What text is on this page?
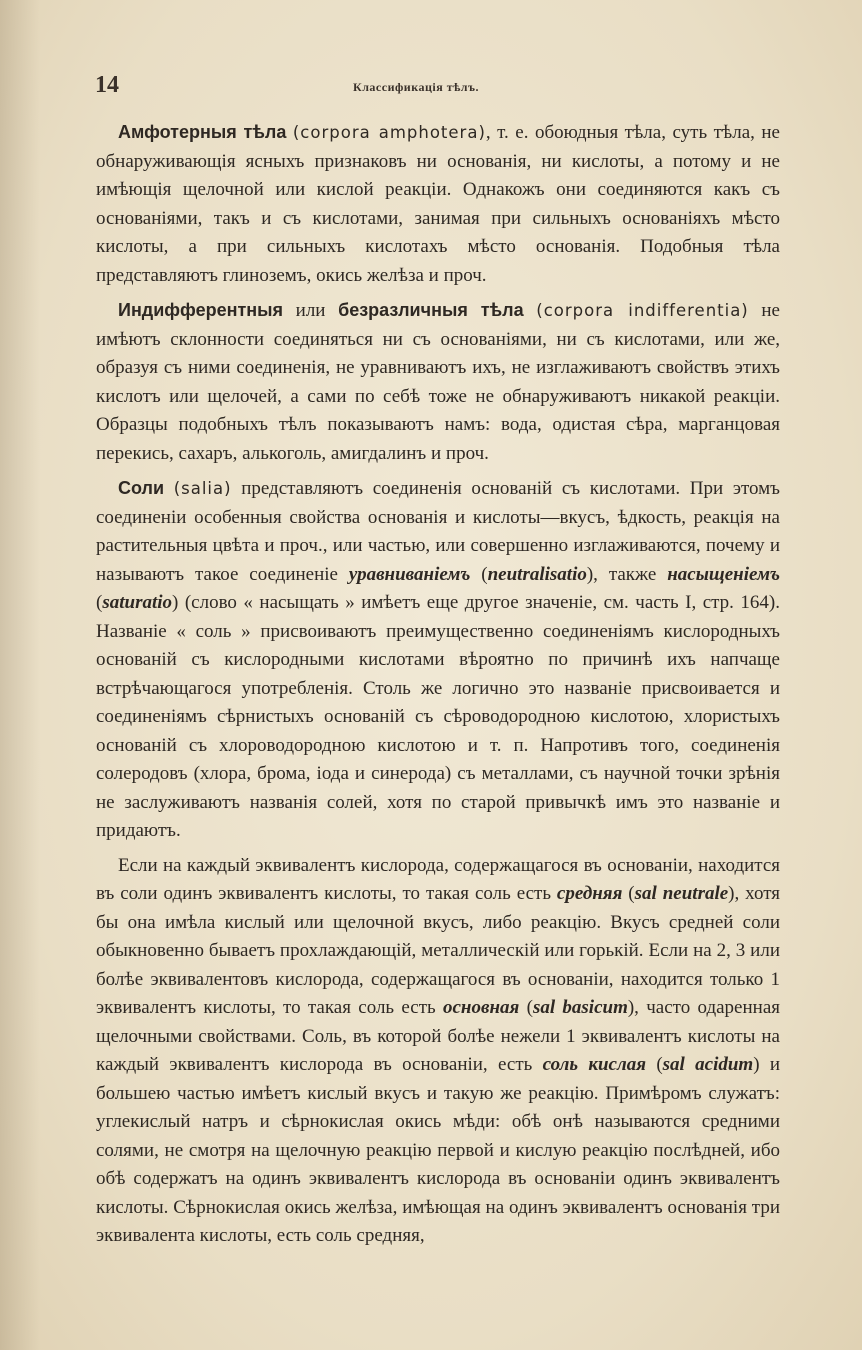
14	Классификація тѣлъ.

Амфотерныя тѣла (corpora amphotera), т. е. обоюдныя тѣла, суть тѣла, не обнаруживающія ясныхъ признаковъ ни основанія, ни кислоты, а потому и не имѣющія щелочной или кислой реакціи. Однакожъ они соединяются какъ съ основаніями, такъ и съ кислотами, занимая при сильныхъ основаніяхъ мѣсто кислоты, а при сильныхъ кислотахъ мѣсто основанія. Подобныя тѣла представляютъ глиноземъ, окись желѣза и проч.

Индифферентныя или безразличныя тѣла (corpora indifferentia) не имѣютъ склонности соединяться ни съ основаніями, ни съ кислотами, или же, образуя съ ними соединенія, не уравниваютъ ихъ, не изглаживаютъ свойствъ этихъ кислотъ или щелочей, а сами по себѣ тоже не обнаруживаютъ никакой реакціи. Образцы подобныхъ тѣлъ показываютъ намъ: вода, одистая сѣра, марганцовая перекись, сахаръ, алькоголь, амигдалинъ и проч.

Соли (salia) представляютъ соединенія основаній съ кислотами. При этомъ соединеніи особенныя свойства основанія и кислоты—вкусъ, ѣдкость, реакція на растительныя цвѣта и проч., или частью, или совершенно изглаживаются, почему и называютъ такое соединеніе уравниваніемъ (neutralisatio), также насыщеніемъ (saturatio) (слово « насыщать » имѣетъ еще другое значеніе, см. часть I, стр. 164). Названіе « соль » присвоиваютъ преимущественно соединеніямъ кислородныхъ основаній съ кислородными кислотами вѣроятно по причинѣ ихъ напчаще встрѣчающагося употребленія. Столь же логично это названіе присвоивается и соединеніямъ сѣрнистыхъ основаній съ сѣроводородною кислотою, хлористыхъ основаній съ хлороводородною кислотою и т. п. Напротивъ того, соединенія солеродовъ (хлора, брома, іода и синерода) съ металлами, съ научной точки зрѣнія не заслуживаютъ названія солей, хотя по старой привычкѣ имъ это названіе и придаютъ.

Если на каждый эквивалентъ кислорода, содержащагося въ основаніи, находится въ соли одинъ эквивалентъ кислоты, то такая соль есть средняя (sal neutrale), хотя бы она имѣла кислый или щелочной вкусъ, либо реакцію. Вкусъ средней соли обыкновенно бываетъ прохлаждающій, металлическій или горькій. Если на 2, 3 или болѣе эквивалентовъ кислорода, содержащагося въ основаніи, находится только 1 эквивалентъ кислоты, то такая соль есть основная (sal basicum), часто одаренная щелочными свойствами. Соль, въ которой болѣе нежели 1 эквивалентъ кислоты на каждый эквивалентъ кислорода въ основаніи, есть соль кислая (sal acidum) и большею частью имѣетъ кислый вкусъ и такую же реакцію. Примѣромъ служатъ: углекислый натръ и сѣрнокислая окись мѣди: обѣ онѣ называются средними солями, не смотря на щелочную реакцію первой и кислую реакцію послѣдней, ибо обѣ содержатъ на одинъ эквивалентъ кислорода въ основаніи одинъ эквивалентъ кислоты. Сѣрнокислая окись желѣза, имѣющая на одинъ эквивалентъ основанія три эквивалента кислоты, есть соль средняя,
